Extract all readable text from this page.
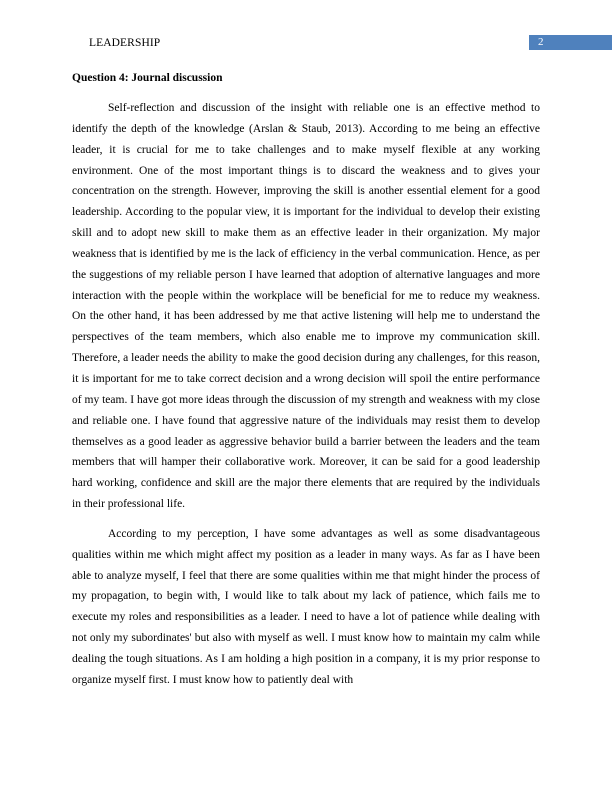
LEADERSHIP	2
Question 4: Journal discussion

Self-reflection and discussion of the insight with reliable one is an effective method to identify the depth of the knowledge (Arslan & Staub, 2013). According to me being an effective leader, it is crucial for me to take challenges and to make myself flexible at any working environment. One of the most important things is to discard the weakness and to gives your concentration on the strength. However, improving the skill is another essential element for a good leadership. According to the popular view, it is important for the individual to develop their existing skill and to adopt new skill to make them as an effective leader in their organization. My major weakness that is identified by me is the lack of efficiency in the verbal communication. Hence, as per the suggestions of my reliable person I have learned that adoption of alternative languages and more interaction with the people within the workplace will be beneficial for me to reduce my weakness. On the other hand, it has been addressed by me that active listening will help me to understand the perspectives of the team members, which also enable me to improve my communication skill. Therefore, a leader needs the ability to make the good decision during any challenges, for this reason, it is important for me to take correct decision and a wrong decision will spoil the entire performance of my team. I have got more ideas through the discussion of my strength and weakness with my close and reliable one. I have found that aggressive nature of the individuals may resist them to develop themselves as a good leader as aggressive behavior build a barrier between the leaders and the team members that will hamper their collaborative work. Moreover, it can be said for a good leadership hard working, confidence and skill are the major there elements that are required by the individuals in their professional life.

According to my perception, I have some advantages as well as some disadvantageous qualities within me which might affect my position as a leader in many ways. As far as I have been able to analyze myself, I feel that there are some qualities within me that might hinder the process of my propagation, to begin with, I would like to talk about my lack of patience, which fails me to execute my roles and responsibilities as a leader. I need to have a lot of patience while dealing with not only my subordinates' but also with myself as well. I must know how to maintain my calm while dealing the tough situations. As I am holding a high position in a company, it is my prior response to organize myself first. I must know how to patiently deal with
